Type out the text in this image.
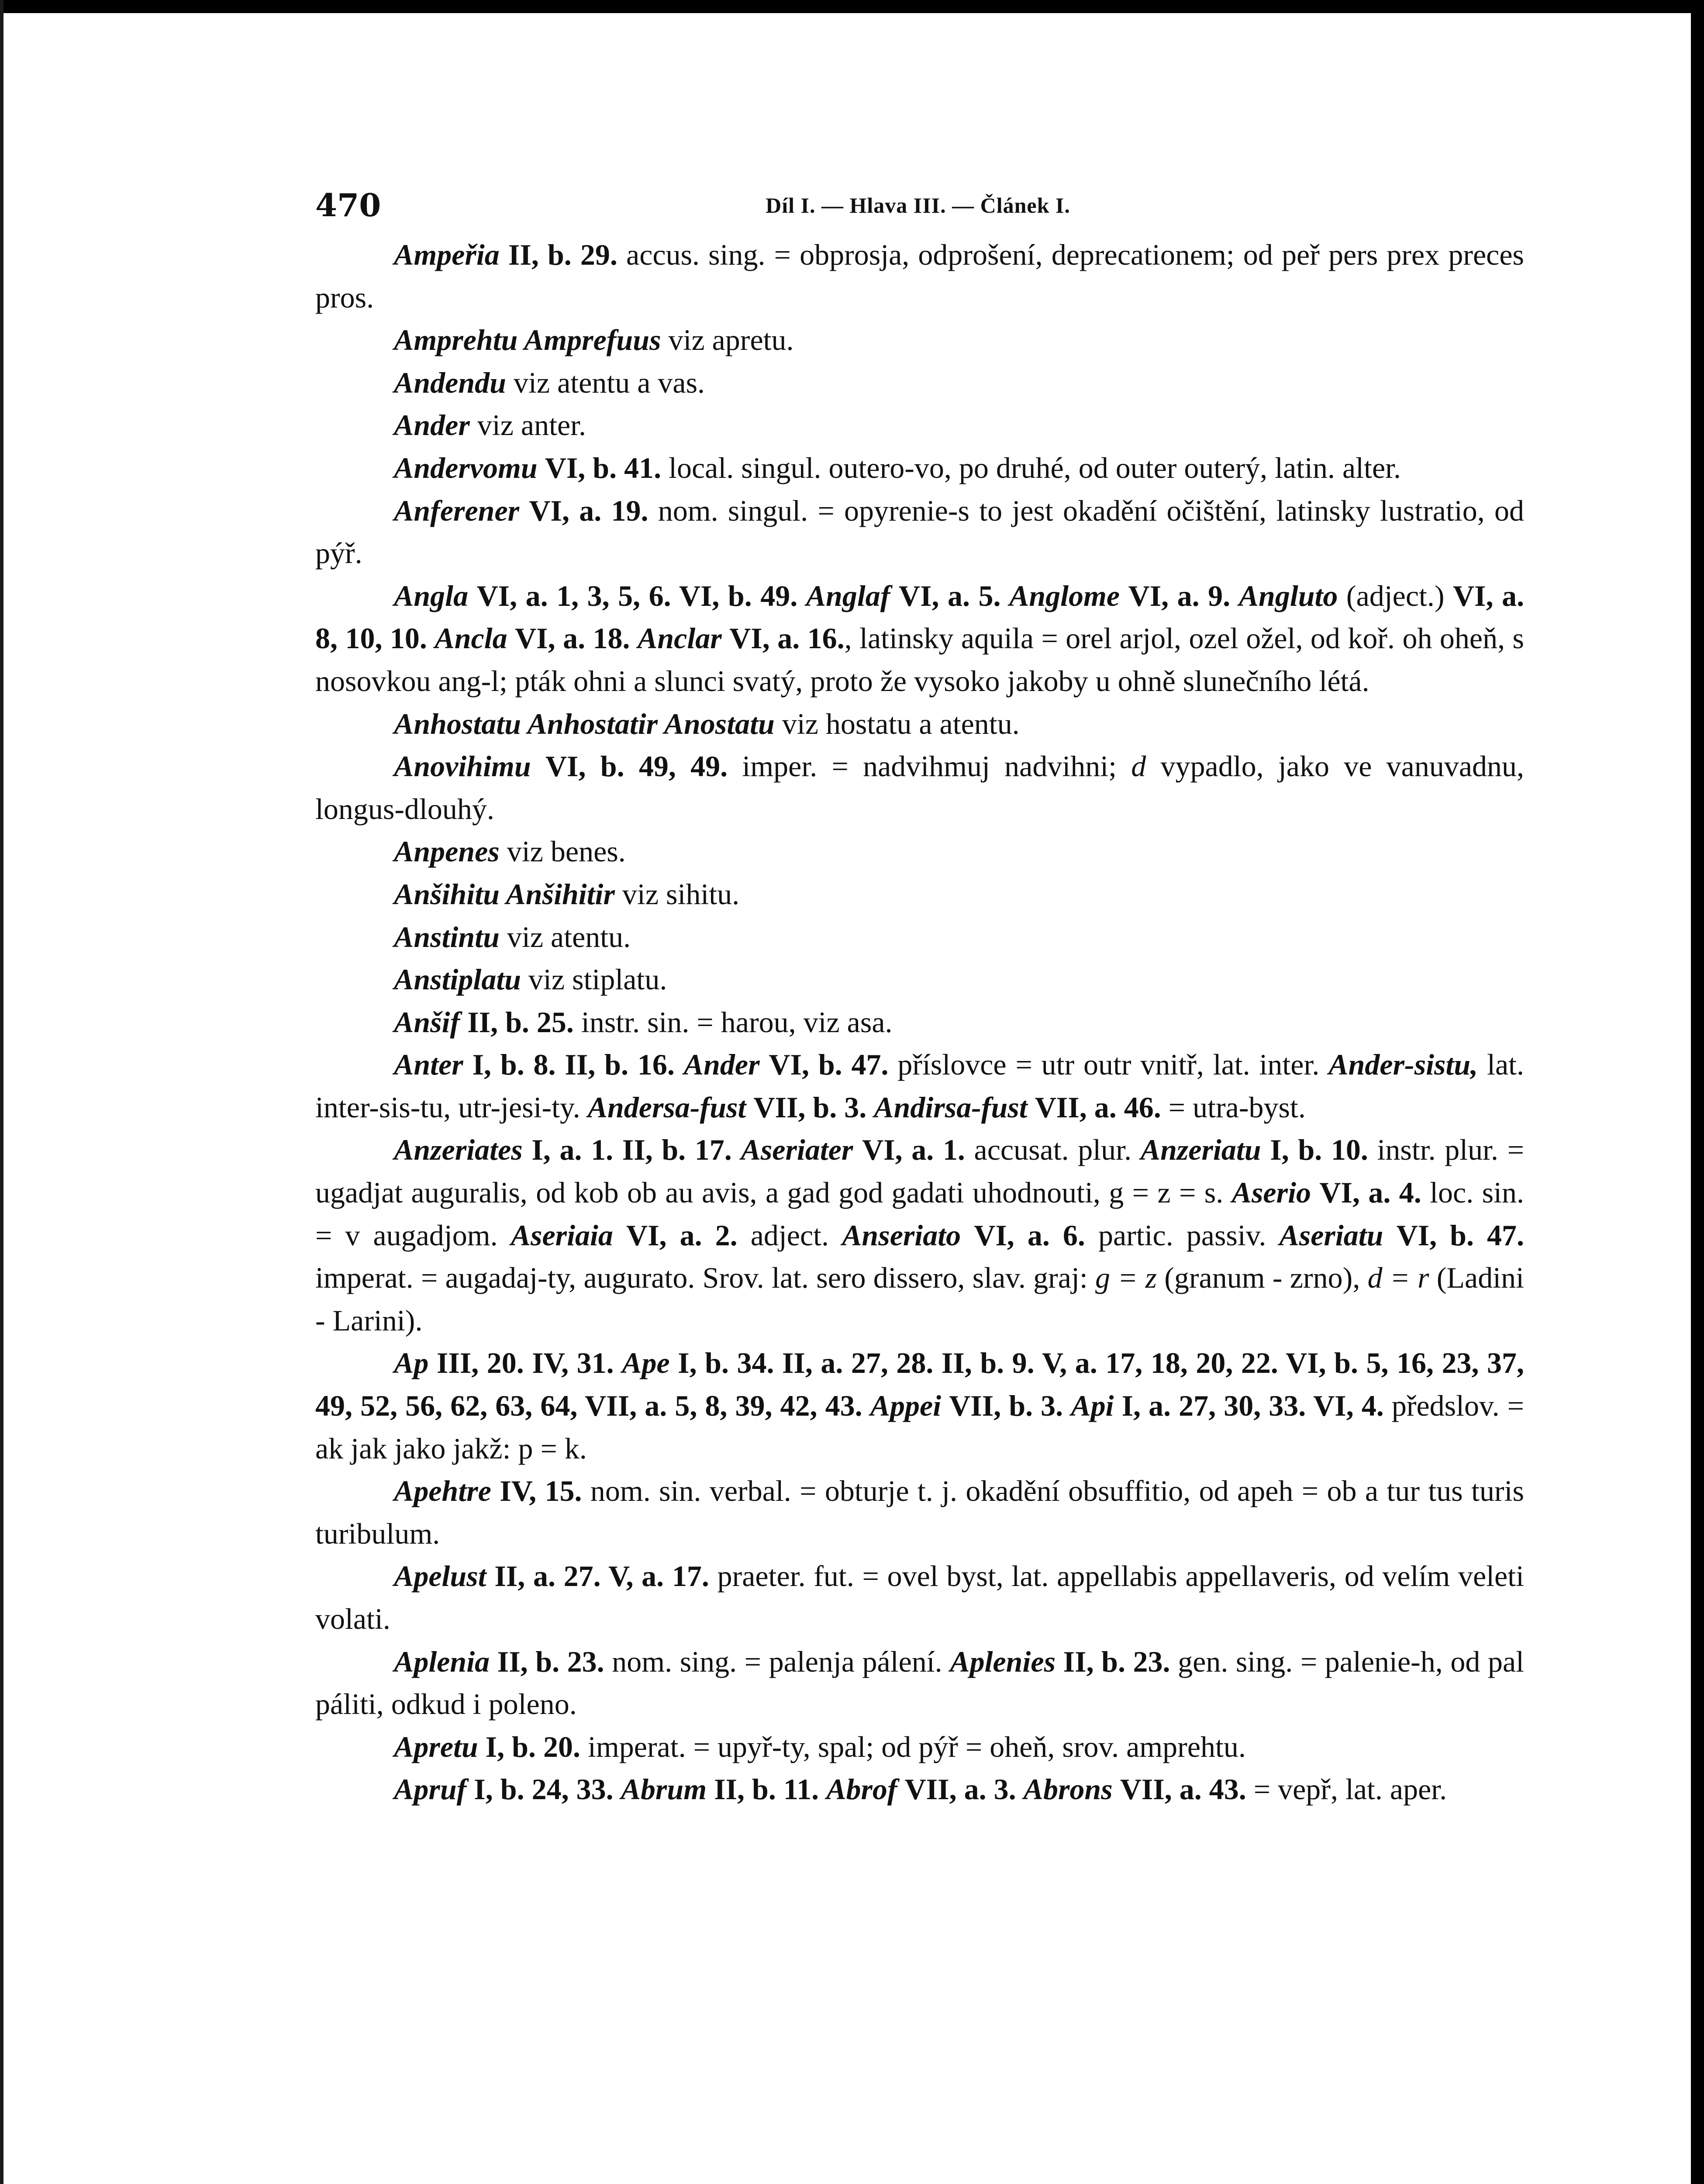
470	Díl I. — Hlava III. — Článek I.

Ampeřia II, b. 29. accus. sing. = obprosja, odprošení, deprecationem; od peř pers prex preces pros.

Amprehtu Amprefuus viz apretu.

Andendu viz atentu a vas.

Ander viz anter.

Andervomu VI, b. 41. local. singul. outero-vo, po druhé, od outer outerý, latin. alter.

Anferener VI, a. 19. nom. singul. = opyrenie-s to jest okadění očištění, latinsky lustratio, od pýř.

Angla VI, a. 1, 3, 5, 6. VI, b. 49. Anglaf VI, a. 5. Anglome VI, a. 9. Angluto (adject.) VI, a. 8, 10, 10. Ancla VI, a. 18. Anclar VI, a. 16., latinsky aquila = orel arjol, ozel ožel, od koř. oh oheň, s nosovkou ang-l; pták ohni a slunci svatý, proto že vysoko jakoby u ohně slunečního létá.

Anhostatu Anhostatir Anostatu viz hostatu a atentu.

Anovihimu VI, b. 49, 49. imper. = nadvihmuj nadvihni; d vypadlo, jako ve vanuvadnu, longus-dlouhý.

Anpenes viz benes.

Anšihitu Anšihitir viz sihitu.

Anstintu viz atentu.

Anstiplatu viz stiplatu.

Anšif II, b. 25. instr. sin. = harou, viz asa.

Anter I, b. 8. II, b. 16. Ander VI, b. 47. příslovce = utr outr vnitř, lat. inter. Ander-sistu, lat. inter-sis-tu, utr-jesi-ty. Andersa-fust VII, b. 3. Andirsa-fust VII, a. 46. = utra-byst.

Anzeriates I, a. 1. II, b. 17. Aseriater VI, a. 1. accusat. plur. Anzeriatu I, b. 10. instr. plur. = ugadjat auguralis, od kob ob au avis, a gad god gadati uhodnouti, g = z = s. Aserio VI, a. 4. loc. sin. = v augadjom. Aseriaia VI, a. 2. adject. Anseriato VI, a. 6. partic. passiv. Aseriatu VI, b. 47. imperat. = augadaj-ty, augurato. Srov. lat. sero dissero, slav. graj: g = z (granum - zrno), d = r (Ladini - Larini).

Ap III, 20. IV, 31. Ape I, b. 34. II, a. 27, 28. II, b. 9. V, a. 17, 18, 20, 22. VI, b. 5, 16, 23, 37, 49, 52, 56, 62, 63, 64, VII, a. 5, 8, 39, 42, 43. Appei VII, b. 3. Api I, a. 27, 30, 33. VI, 4. předslov. = ak jak jako jakž: p = k.

Apehtre IV, 15. nom. sin. verbal. = obturje t. j. okadění obsuffitio, od apeh = ob a tur tus turis turibulum.

Apelust II, a. 27. V, a. 17. praeter. fut. = ovel byst, lat. appellabis appellaveris, od velím veleti volati.

Aplenia II, b. 23. nom. sing. = palenja pálení. Aplenies II, b. 23. gen. sing. = palenie-h, od pal páliti, odkud i poleno.

Apretu I, b. 20. imperat. = upyř-ty, spal; od pýř = oheň, srov. amprehtu.

Apruf I, b. 24, 33. Abrum II, b. 11. Abrof VII, a. 3. Abrons VII, a. 43. = vepř, lat. aper.
